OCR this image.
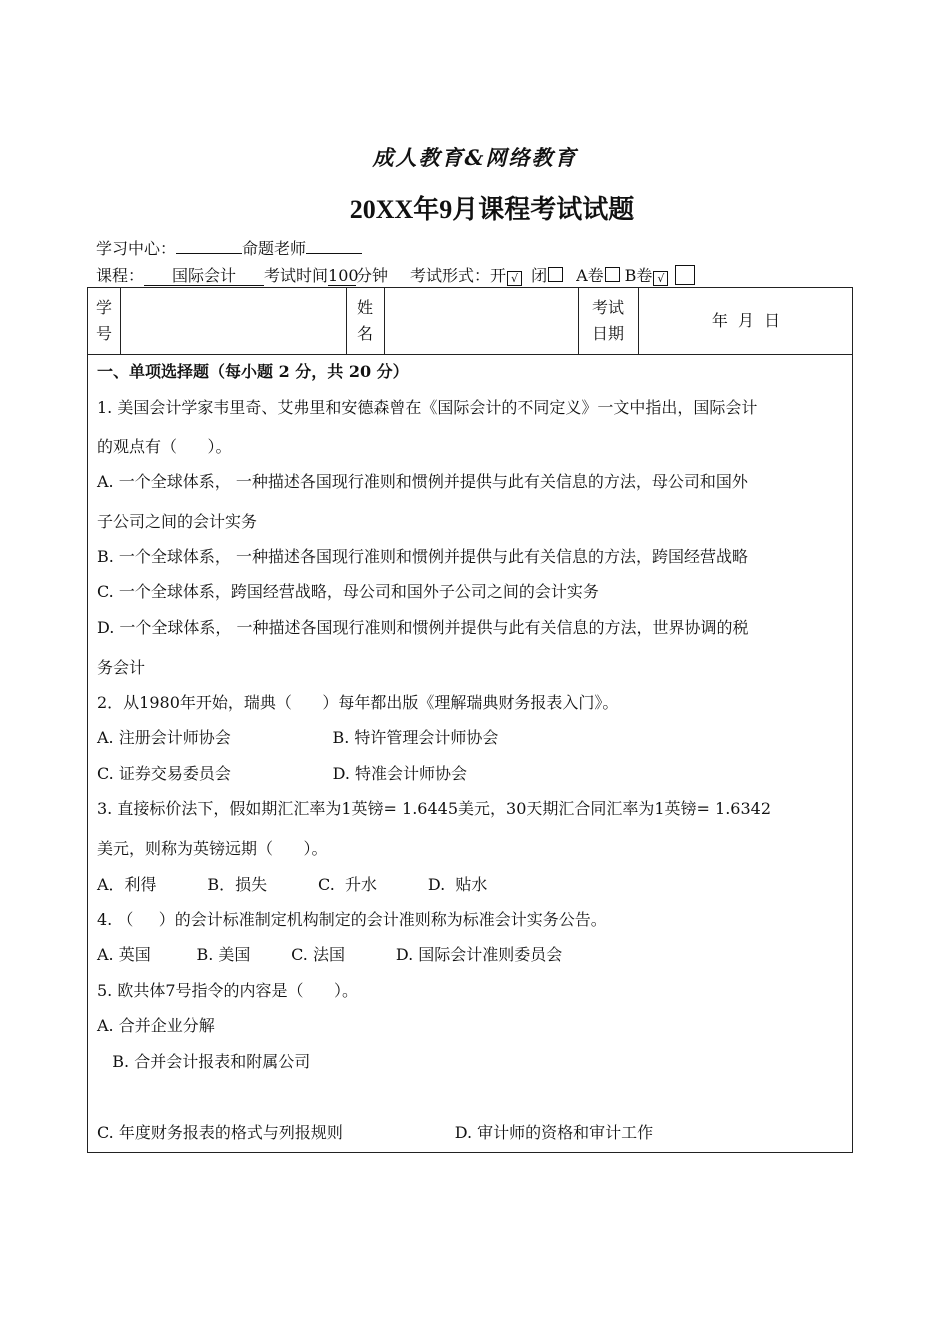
成人教育&网络教育
20XX年9月课程考试试题
学习中心：	命题老师
课程： 国际会计 考试时间100分钟 考试形式：开 √ 闭 A卷 B卷 √
学
号
姓
名
考试
日期
年  月  日
一、单项选择题（每小题 2 分，共 20 分）
1. 美国会计学家韦里奇、艾弗里和安德森曾在《国际会计的不同定义》一文中指出，国际会计
的观点有（      ）。
A. 一个全球体系， 一种描述各国现行准则和惯例并提供与此有关信息的方法，母公司和国外
子公司之间的会计实务
B. 一个全球体系， 一种描述各国现行准则和惯例并提供与此有关信息的方法，跨国经营战略
C. 一个全球体系，跨国经营战略，母公司和国外子公司之间的会计实务
D. 一个全球体系， 一种描述各国现行准则和惯例并提供与此有关信息的方法，世界协调的税
务会计
2．从1980年开始，瑞典（      ）每年都出版《理解瑞典财务报表入门》。
A. 注册会计师协会                    B. 特许管理会计师协会
C. 证券交易委员会                    D. 特准会计师协会
3. 直接标价法下，假如期汇汇率为1英镑= 1.6445美元，30天期汇合同汇率为1英镑= 1.6342
美元，则称为英镑远期（      ）。
A．利得          B．损失          C.  升水          D.  贴水
4. （     ）的会计标准制定机构制定的会计准则称为标准会计实务公告。
A. 英国         B. 美国        C. 法国          D. 国际会计准则委员会
5. 欧共体7号指令的内容是（      ）。
A. 合并企业分解
B. 合并会计报表和附属公司
C. 年度财务报表的格式与列报规则                      D. 审计师的资格和审计工作
